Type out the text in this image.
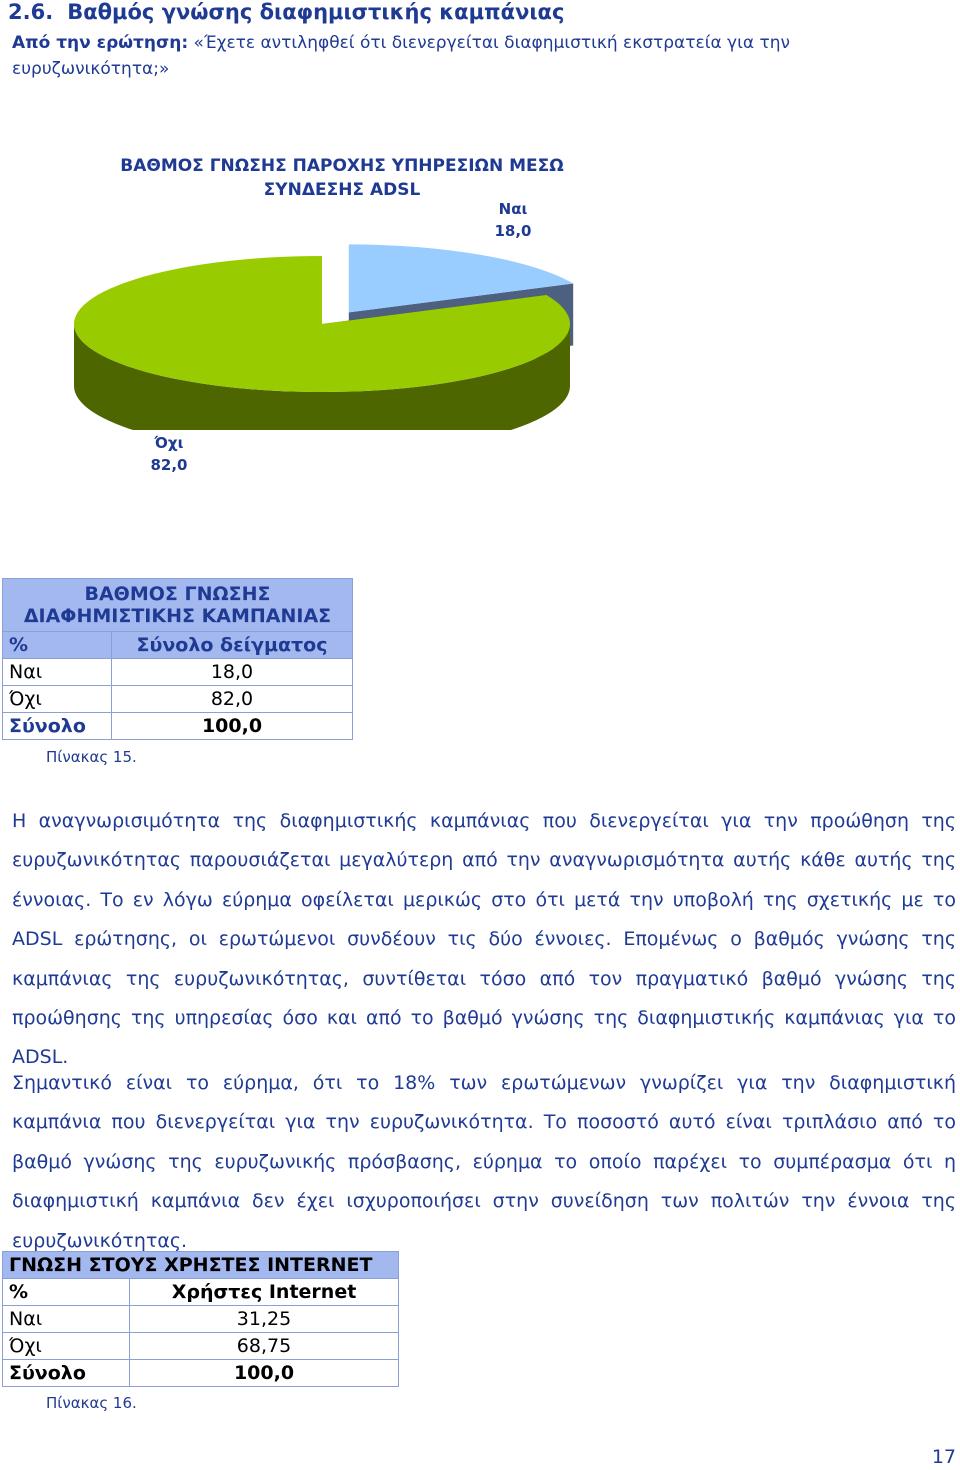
2.6. Βαθμός γνώσης διαφημιστικής καμπάνιας
Από την ερώτηση: «Έχετε αντιληφθεί ότι διενεργείται διαφημιστική εκστρατεία για την ευρυζωνικότητα;»
ΒΑΘΜΟΣ ΓΝΩΣΗΣ ΠΑΡΟΧΗΣ ΥΠΗΡΕΣΙΩΝ ΜΕΣΩ ΣΥΝΔΕΣΗΣ ADSL
Ναι
18,0
Όχι
82,0
ΒΑΘΜΟΣ ΓΝΩΣΗΣ ΔΙΑΦΗΜΙΣΤΙΚΗΣ ΚΑΜΠΑΝΙΑΣ	
%	Σύνολο δείγματος
Ναι	18,0
Όχι	82,0
Σύνολο	100,0
Πίνακας 15.
Η αναγνωρισιμότητα της διαφημιστικής καμπάνιας που διενεργείται για την προώθηση της ευρυζωνικότητας παρουσιάζεται μεγαλύτερη από την αναγνωρισμότητα αυτής κάθε αυτής της έννοιας. Το εν λόγω εύρημα οφείλεται μερικώς στο ότι μετά την υποβολή της σχετικής με το ADSL ερώτησης, οι ερωτώμενοι συνδέουν τις δύο έννοιες. Επομένως ο βαθμός γνώσης της καμπάνιας της ευρυζωνικότητας, συντίθεται τόσο από τον πραγματικό βαθμό γνώσης της προώθησης της υπηρεσίας όσο και από το βαθμό γνώσης της διαφημιστικής καμπάνιας για το ADSL.
Σημαντικό είναι το εύρημα, ότι το 18% των ερωτώμενων γνωρίζει για την διαφημιστική καμπάνια που διενεργείται για την ευρυζωνικότητα. Το ποσοστό αυτό είναι τριπλάσιο από το βαθμό γνώσης της ευρυζωνικής πρόσβασης, εύρημα το οποίο παρέχει το συμπέρασμα ότι η διαφημιστική καμπάνια δεν έχει ισχυροποιήσει στην συνείδηση των πολιτών την έννοια της ευρυζωνικότητας.
ΓΝΩΣΗ ΣΤΟΥΣ ΧΡΗΣΤΕΣ INTERNET	
%	Χρήστες Internet
Ναι	31,25
Όχι	68,75
Σύνολο	100,0
Πίνακας 16.
17
